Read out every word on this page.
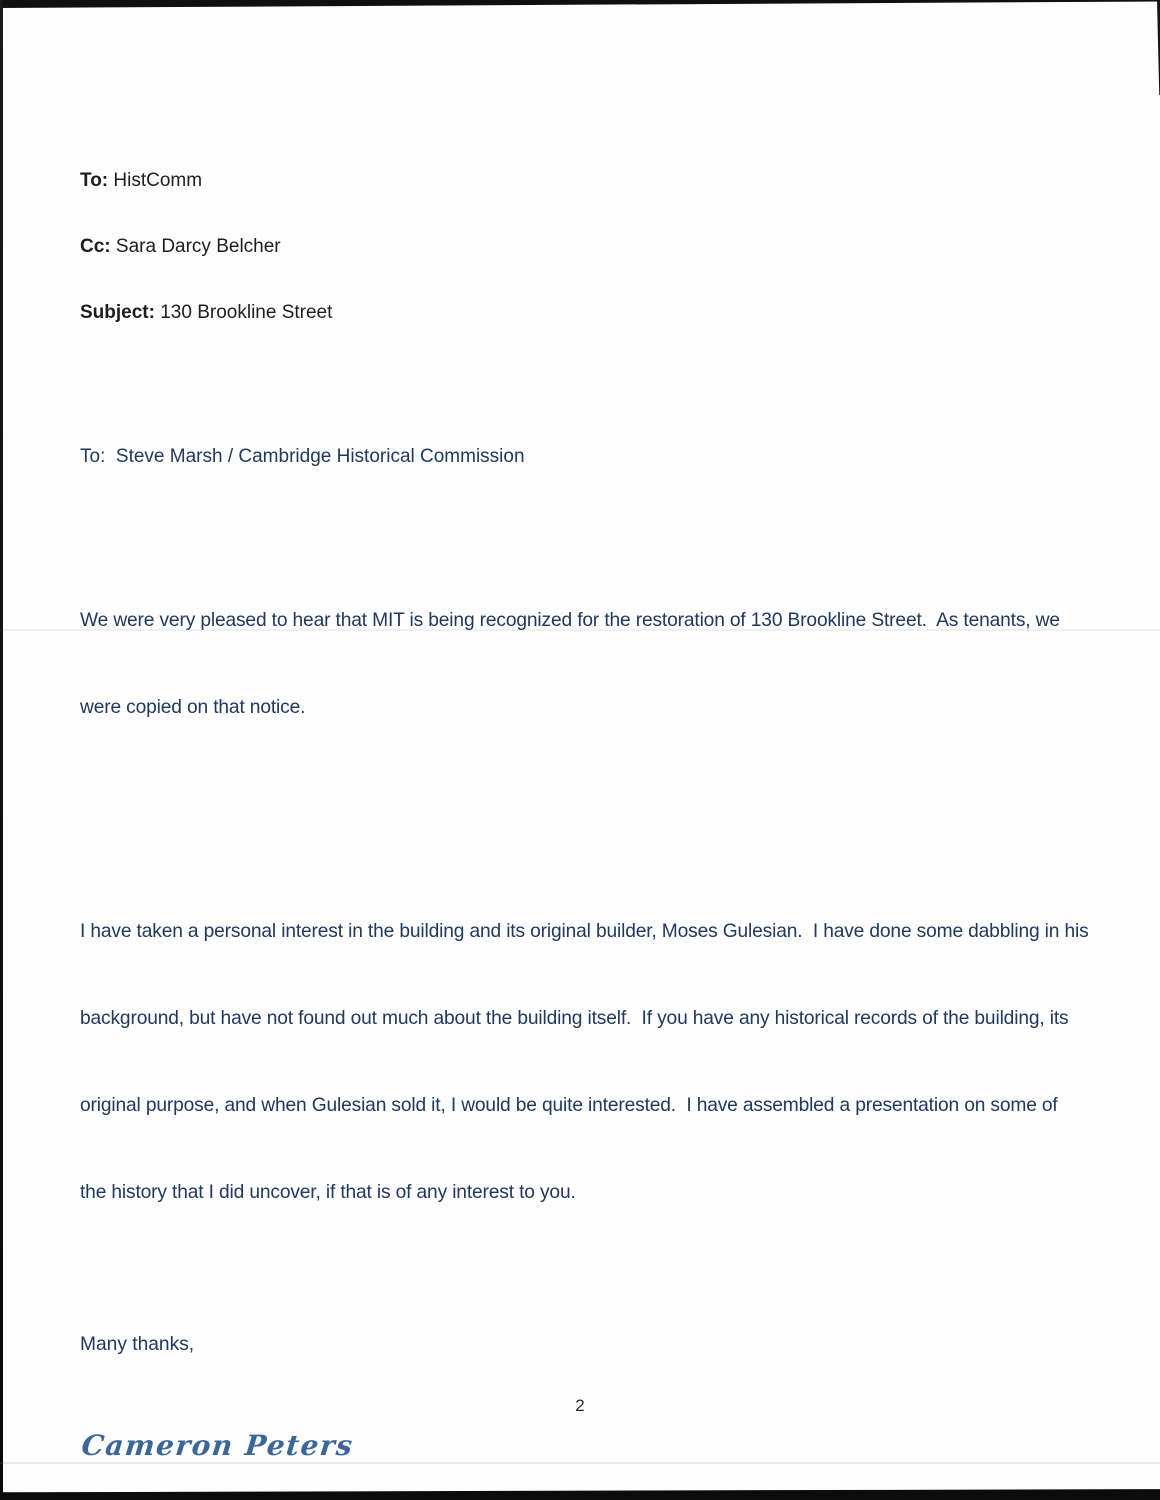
To: HistComm

Cc: Sara Darcy Belcher

Subject: 130 Brookline Street

To:  Steve Marsh / Cambridge Historical Commission

We were very pleased to hear that MIT is being recognized for the restoration of 130 Brookline Street.  As tenants, we

were copied on that notice.

I have taken a personal interest in the building and its original builder, Moses Gulesian.  I have done some dabbling in his

background, but have not found out much about the building itself.  If you have any historical records of the building, its

original purpose, and when Gulesian sold it, I would be quite interested.  I have assembled a presentation on some of

the history that I did uncover, if that is of any interest to you.

Many thanks,

Cameron Peters

2
